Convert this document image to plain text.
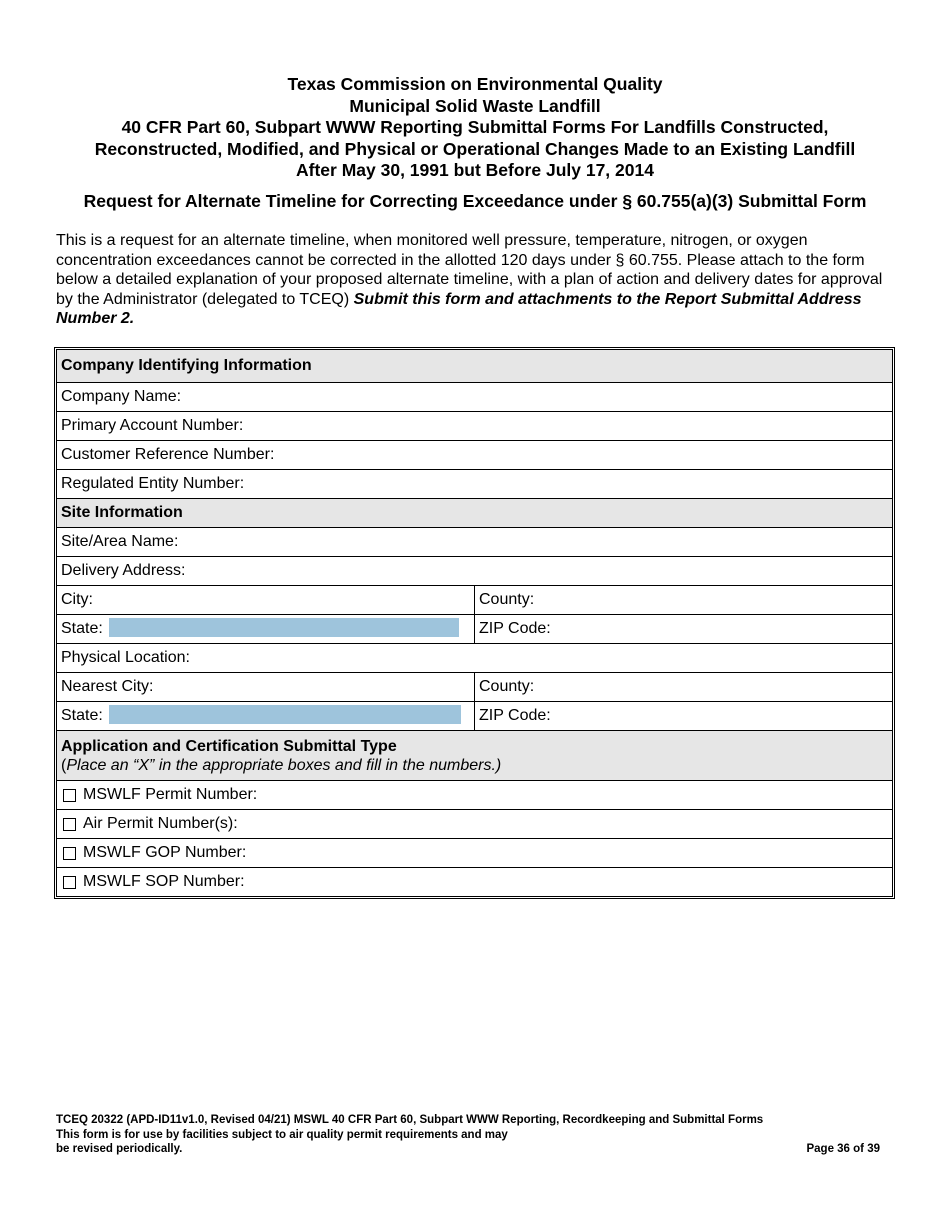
Texas Commission on Environmental Quality
Municipal Solid Waste Landfill
40 CFR Part 60, Subpart WWW Reporting Submittal Forms For Landfills Constructed,
Reconstructed, Modified, and Physical or Operational Changes Made to an Existing Landfill
After May 30, 1991 but Before July 17, 2014
Request for Alternate Timeline for Correcting Exceedance under § 60.755(a)(3) Submittal Form
This is a request for an alternate timeline, when monitored well pressure, temperature, nitrogen, or oxygen concentration exceedances cannot be corrected in the allotted 120 days under § 60.755. Please attach to the form below a detailed explanation of your proposed alternate timeline, with a plan of action and delivery dates for approval by the Administrator (delegated to TCEQ) Submit this form and attachments to the Report Submittal Address Number 2.
Company Identifying Information
Company Name:
Primary Account Number:
Customer Reference Number:
Regulated Entity Number:
Site Information
Site/Area Name:
Delivery Address:
City:	County:
State:	ZIP Code:
Physical Location:
Nearest City:	County:
State:	ZIP Code:
Application and Certification Submittal Type
(Place an “X” in the appropriate boxes and fill in the numbers.)
MSWLF Permit Number:
Air Permit Number(s):
MSWLF GOP Number:
MSWLF SOP Number:
TCEQ 20322 (APD-ID11v1.0, Revised 04/21) MSWL 40 CFR Part 60, Subpart WWW Reporting, Recordkeeping and Submittal Forms
This form is for use by facilities subject to air quality permit requirements and may
be revised periodically.	Page 36 of 39
